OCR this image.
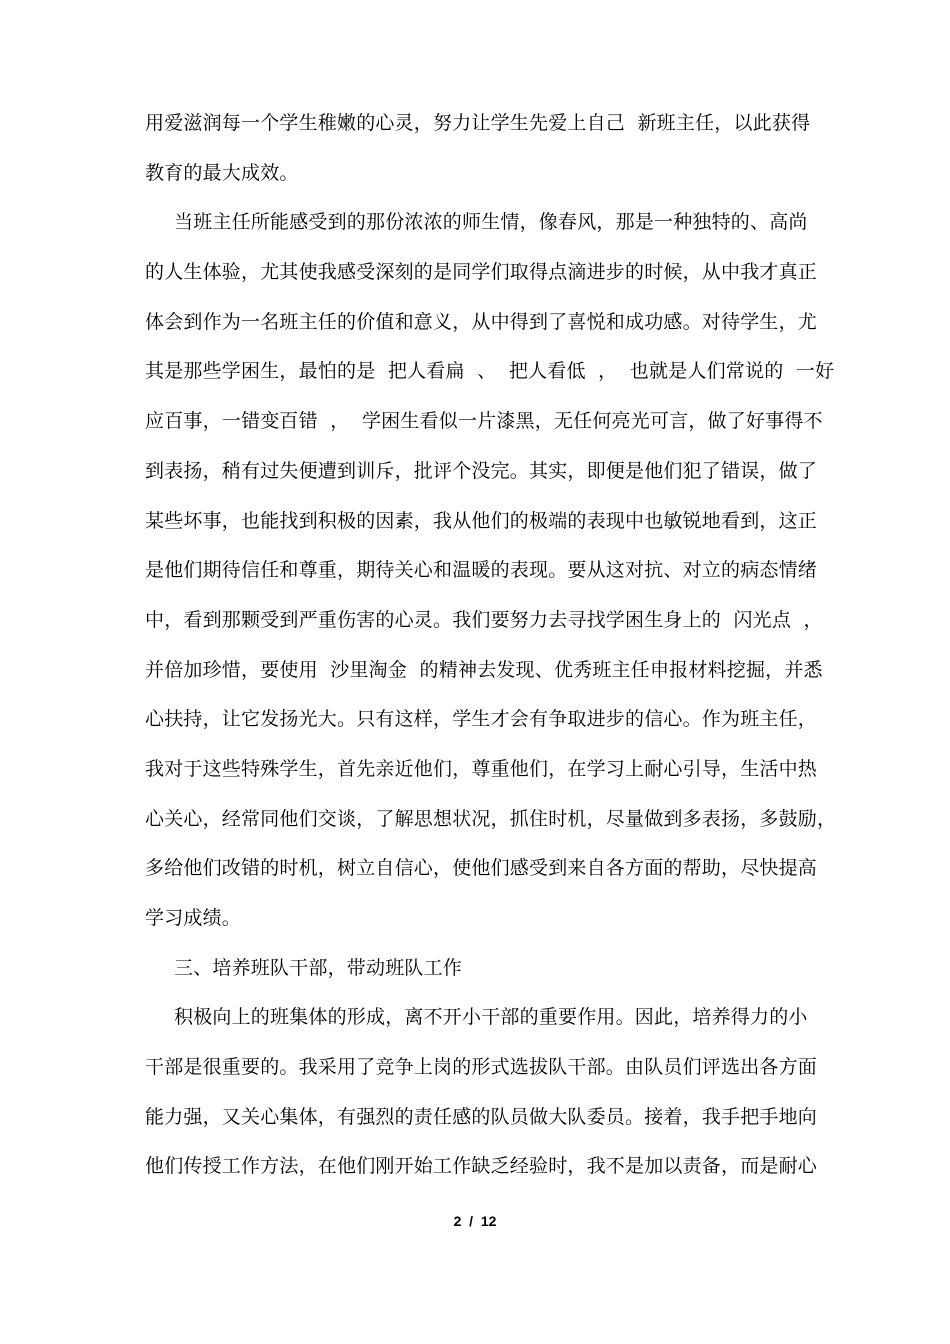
用爱滋润每一个学生稚嫩的心灵，努力让学生先爱上自己  新班主任，以此获得
教育的最大成效。
当班主任所能感受到的那份浓浓的师生情，像春风，那是一种独特的、高尚
的人生体验，尤其使我感受深刻的是同学们取得点滴进步的时候，从中我才真正
体会到作为一名班主任的价值和意义，从中得到了喜悦和成功感。对待学生，尤
其是那些学困生，最怕的是  把人看扁  、  把人看低  ，  也就是人们常说的  一好
应百事，一错变百错  ，  学困生看似一片漆黑，无任何亮光可言，做了好事得不
到表扬，稍有过失便遭到训斥，批评个没完。其实，即便是他们犯了错误，做了
某些坏事，也能找到积极的因素，我从他们的极端的表现中也敏锐地看到，这正
是他们期待信任和尊重，期待关心和温暖的表现。要从这对抗、对立的病态情绪
中，看到那颗受到严重伤害的心灵。我们要努力去寻找学困生身上的  闪光点  ，
并倍加珍惜，要使用  沙里淘金  的精神去发现、优秀班主任申报材料挖掘，并悉
心扶持，让它发扬光大。只有这样，学生才会有争取进步的信心。作为班主任，
我对于这些特殊学生，首先亲近他们，尊重他们，在学习上耐心引导，生活中热
心关心，经常同他们交谈，了解思想状况，抓住时机，尽量做到多表扬，多鼓励，
多给他们改错的时机，树立自信心，使他们感受到来自各方面的帮助，尽快提高
学习成绩。
三、培养班队干部，带动班队工作
积极向上的班集体的形成，离不开小干部的重要作用。因此，培养得力的小
干部是很重要的。我采用了竞争上岗的形式选拔队干部。由队员们评选出各方面
能力强，又关心集体，有强烈的责任感的队员做大队委员。接着，我手把手地向
他们传授工作方法，在他们刚开始工作缺乏经验时，我不是加以责备，而是耐心
2  /  12
